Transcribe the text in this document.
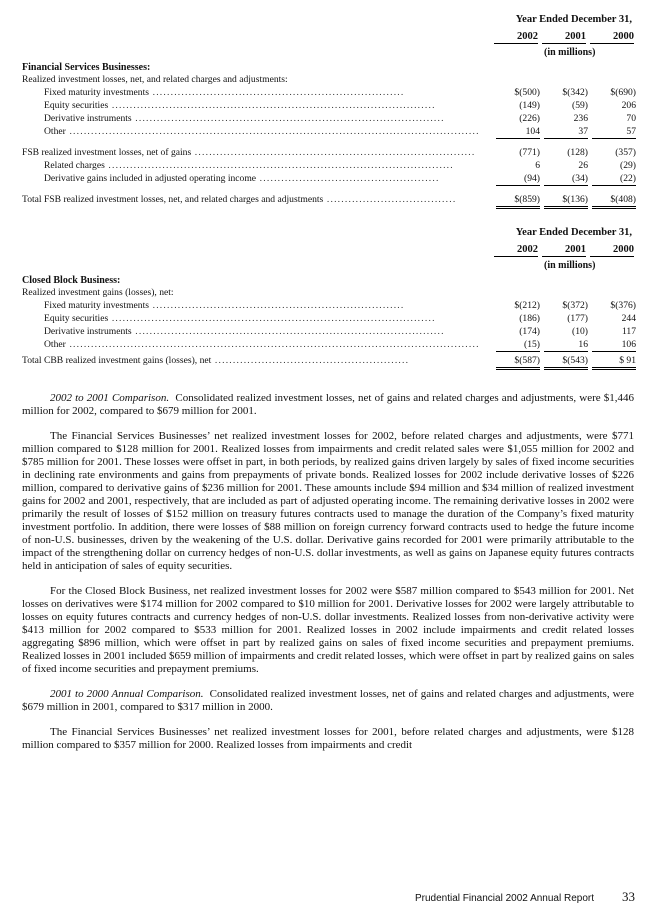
Year Ended December 31,
2002	2001	2000
(in millions)
Financial Services Businesses:
Realized investment losses, net, and related charges and adjustments:
Fixed maturity investments ......................................................................	$(500)	$(342)	$(690)
Equity securities ..........................................................................................	(149)	(59)	206
Derivative instruments ......................................................................................	(226)	236	70
Other ..................................................................................................................	104	37	57
FSB realized investment losses, net of gains ..............................................................................	(771)	(128)	(357)
Related charges ................................................................................................	6	26	(29)
Derivative gains included in adjusted operating income ..................................................	(94)	(34)	(22)
Total FSB realized investment losses, net, and related charges and adjustments ....................................	$(859)	$(136)	$(408)
Year Ended December 31,
2002	2001	2000
(in millions)
Closed Block Business:
Realized investment gains (losses), net:
Fixed maturity investments ......................................................................	$(212)	$(372)	$(376)
Equity securities ..........................................................................................	(186)	(177)	244
Derivative instruments ......................................................................................	(174)	(10)	117
Other ..................................................................................................................	(15)	16	106
Total CBB realized investment gains (losses), net ......................................................	$(587)	$(543)	$ 91

2002 to 2001 Comparison. Consolidated realized investment losses, net of gains and related charges and adjustments, were $1,446 million for 2002, compared to $679 million for 2001.

The Financial Services Businesses’ net realized investment losses for 2002, before related charges and adjustments, were $771 million compared to $128 million for 2001. Realized losses from impairments and credit related sales were $1,055 million for 2002 and $785 million for 2001. These losses were offset in part, in both periods, by realized gains driven largely by sales of fixed income securities in declining rate environments and gains from prepayments of private bonds. Realized losses for 2002 include derivative losses of $226 million, compared to derivative gains of $236 million for 2001. These amounts include $94 million and $34 million of realized investment gains for 2002 and 2001, respectively, that are included as part of adjusted operating income. The remaining derivative losses in 2002 were primarily the result of losses of $152 million on treasury futures contracts used to manage the duration of the Company’s fixed maturity investment portfolio. In addition, there were losses of $88 million on foreign currency forward contracts used to hedge the future income of non-U.S. businesses, driven by the weakening of the U.S. dollar. Derivative gains recorded for 2001 were primarily attributable to the impact of the strengthening dollar on currency hedges of non-U.S. dollar investments, as well as gains on Japanese equity futures contracts held in anticipation of sales of equity securities.

For the Closed Block Business, net realized investment losses for 2002 were $587 million compared to $543 million for 2001. Net losses on derivatives were $174 million for 2002 compared to $10 million for 2001. Derivative losses for 2002 were largely attributable to losses on equity futures contracts and currency hedges of non-U.S. dollar investments. Realized losses from non-derivative activity were $413 million for 2002 compared to $533 million for 2001. Realized losses in 2002 include impairments and credit related losses aggregating $896 million, which were offset in part by realized gains on sales of fixed income securities and prepayment premiums. Realized losses in 2001 included $659 million of impairments and credit related losses, which were offset in part by realized gains on sales of fixed income securities and prepayment premiums.

2001 to 2000 Annual Comparison. Consolidated realized investment losses, net of gains and related charges and adjustments, were $679 million in 2001, compared to $317 million in 2000.

The Financial Services Businesses’ net realized investment losses for 2001, before related charges and adjustments, were $128 million compared to $357 million for 2000. Realized losses from impairments and credit

Prudential Financial 2002 Annual Report 33
